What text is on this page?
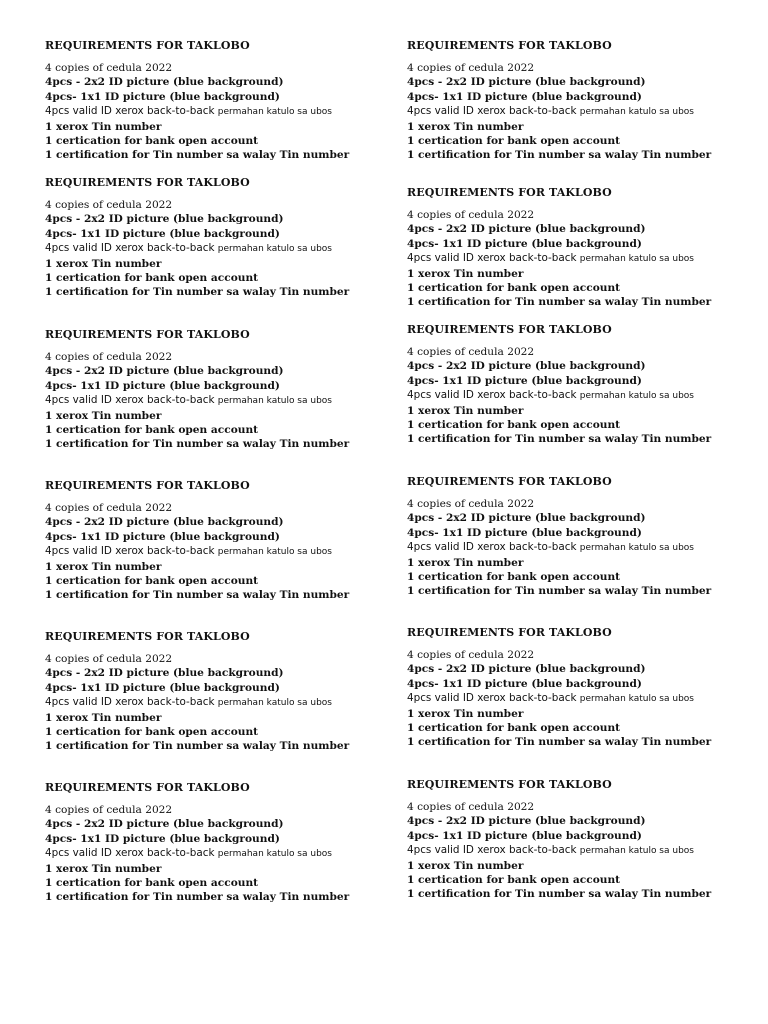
REQUIREMENTS FOR TAKLOBO
4 copies of cedula 2022
4pcs - 2x2 ID picture (blue background)
4pcs- 1x1 ID picture (blue background)
4pcs valid ID xerox back-to-back permahan katulo sa ubos
1 xerox Tin number
1 certication for bank open account
1 certification for Tin number sa walay Tin number
REQUIREMENTS FOR TAKLOBO
4 copies of cedula 2022
4pcs - 2x2 ID picture (blue background)
4pcs- 1x1 ID picture (blue background)
4pcs valid ID xerox back-to-back permahan katulo sa ubos
1 xerox Tin number
1 certication for bank open account
1 certification for Tin number sa walay Tin number
REQUIREMENTS FOR TAKLOBO
4 copies of cedula 2022
4pcs - 2x2 ID picture (blue background)
4pcs- 1x1 ID picture (blue background)
4pcs valid ID xerox back-to-back permahan katulo sa ubos
1 xerox Tin number
1 certication for bank open account
1 certification for Tin number sa walay Tin number
REQUIREMENTS FOR TAKLOBO
4 copies of cedula 2022
4pcs - 2x2 ID picture (blue background)
4pcs- 1x1 ID picture (blue background)
4pcs valid ID xerox back-to-back permahan katulo sa ubos
1 xerox Tin number
1 certication for bank open account
1 certification for Tin number sa walay Tin number
REQUIREMENTS FOR TAKLOBO
4 copies of cedula 2022
4pcs - 2x2 ID picture (blue background)
4pcs- 1x1 ID picture (blue background)
4pcs valid ID xerox back-to-back permahan katulo sa ubos
1 xerox Tin number
1 certication for bank open account
1 certification for Tin number sa walay Tin number
REQUIREMENTS FOR TAKLOBO
4 copies of cedula 2022
4pcs - 2x2 ID picture (blue background)
4pcs- 1x1 ID picture (blue background)
4pcs valid ID xerox back-to-back permahan katulo sa ubos
1 xerox Tin number
1 certication for bank open account
1 certification for Tin number sa walay Tin number
REQUIREMENTS FOR TAKLOBO
4 copies of cedula 2022
4pcs - 2x2 ID picture (blue background)
4pcs- 1x1 ID picture (blue background)
4pcs valid ID xerox back-to-back permahan katulo sa ubos
1 xerox Tin number
1 certication for bank open account
1 certification for Tin number sa walay Tin number
REQUIREMENTS FOR TAKLOBO
4 copies of cedula 2022
4pcs - 2x2 ID picture (blue background)
4pcs- 1x1 ID picture (blue background)
4pcs valid ID xerox back-to-back permahan katulo sa ubos
1 xerox Tin number
1 certication for bank open account
1 certification for Tin number sa walay Tin number
REQUIREMENTS FOR TAKLOBO
4 copies of cedula 2022
4pcs - 2x2 ID picture (blue background)
4pcs- 1x1 ID picture (blue background)
4pcs valid ID xerox back-to-back permahan katulo sa ubos
1 xerox Tin number
1 certication for bank open account
1 certification for Tin number sa walay Tin number
REQUIREMENTS FOR TAKLOBO
4 copies of cedula 2022
4pcs - 2x2 ID picture (blue background)
4pcs- 1x1 ID picture (blue background)
4pcs valid ID xerox back-to-back permahan katulo sa ubos
1 xerox Tin number
1 certication for bank open account
1 certification for Tin number sa walay Tin number
REQUIREMENTS FOR TAKLOBO
4 copies of cedula 2022
4pcs - 2x2 ID picture (blue background)
4pcs- 1x1 ID picture (blue background)
4pcs valid ID xerox back-to-back permahan katulo sa ubos
1 xerox Tin number
1 certication for bank open account
1 certification for Tin number sa walay Tin number
REQUIREMENTS FOR TAKLOBO
4 copies of cedula 2022
4pcs - 2x2 ID picture (blue background)
4pcs- 1x1 ID picture (blue background)
4pcs valid ID xerox back-to-back permahan katulo sa ubos
1 xerox Tin number
1 certication for bank open account
1 certification for Tin number sa walay Tin number
